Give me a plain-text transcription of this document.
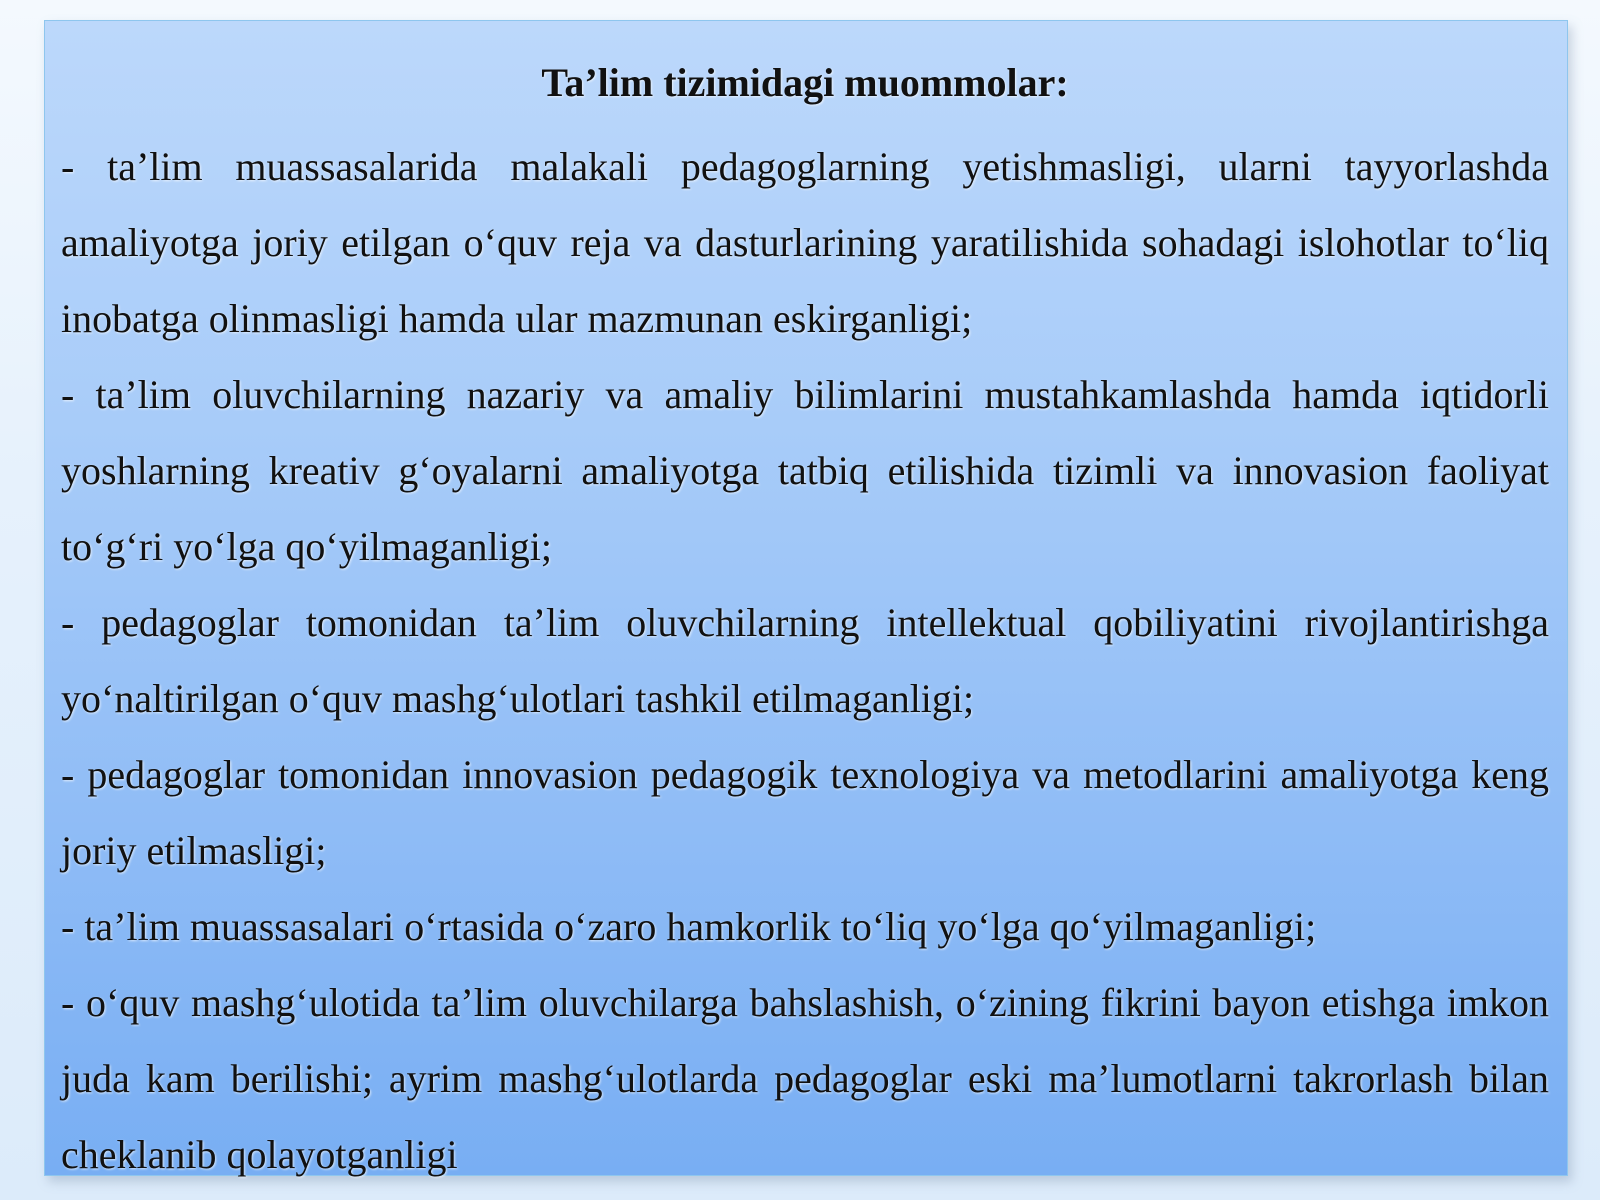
Ta’lim tizimidagi muommolar:

- ta’lim muassasalarida malakali pedagoglarning yetishmasligi, ularni tayyorlashda amaliyotga joriy etilgan o‘quv reja va dasturlarining yaratilishida sohadagi islohotlar to‘liq inobatga olinmasligi hamda ular mazmunan eskirganligi;

- ta’lim oluvchilarning nazariy va amaliy bilimlarini mustahkamlashda hamda iqtidorli yoshlarning kreativ g‘oyalarni amaliyotga tatbiq etilishida tizimli va innovasion faoliyat to‘g‘ri yo‘lga qo‘yilmaganligi;

- pedagoglar tomonidan ta’lim oluvchilarning intellektual qobiliyatini rivojlantirishga yo‘naltirilgan o‘quv mashg‘ulotlari tashkil etilmaganligi;

- pedagoglar tomonidan innovasion pedagogik texnologiya va metodlarini amaliyotga keng joriy etilmasligi;

- ta’lim muassasalari o‘rtasida o‘zaro hamkorlik to‘liq yo‘lga qo‘yilmaganligi;

- o‘quv mashg‘ulotida ta’lim oluvchilarga bahslashish, o‘zining fikrini bayon etishga imkon juda kam berilishi; ayrim mashg‘ulotlarda pedagoglar eski ma’lumotlarni takrorlash bilan cheklanib qolayotganligi
